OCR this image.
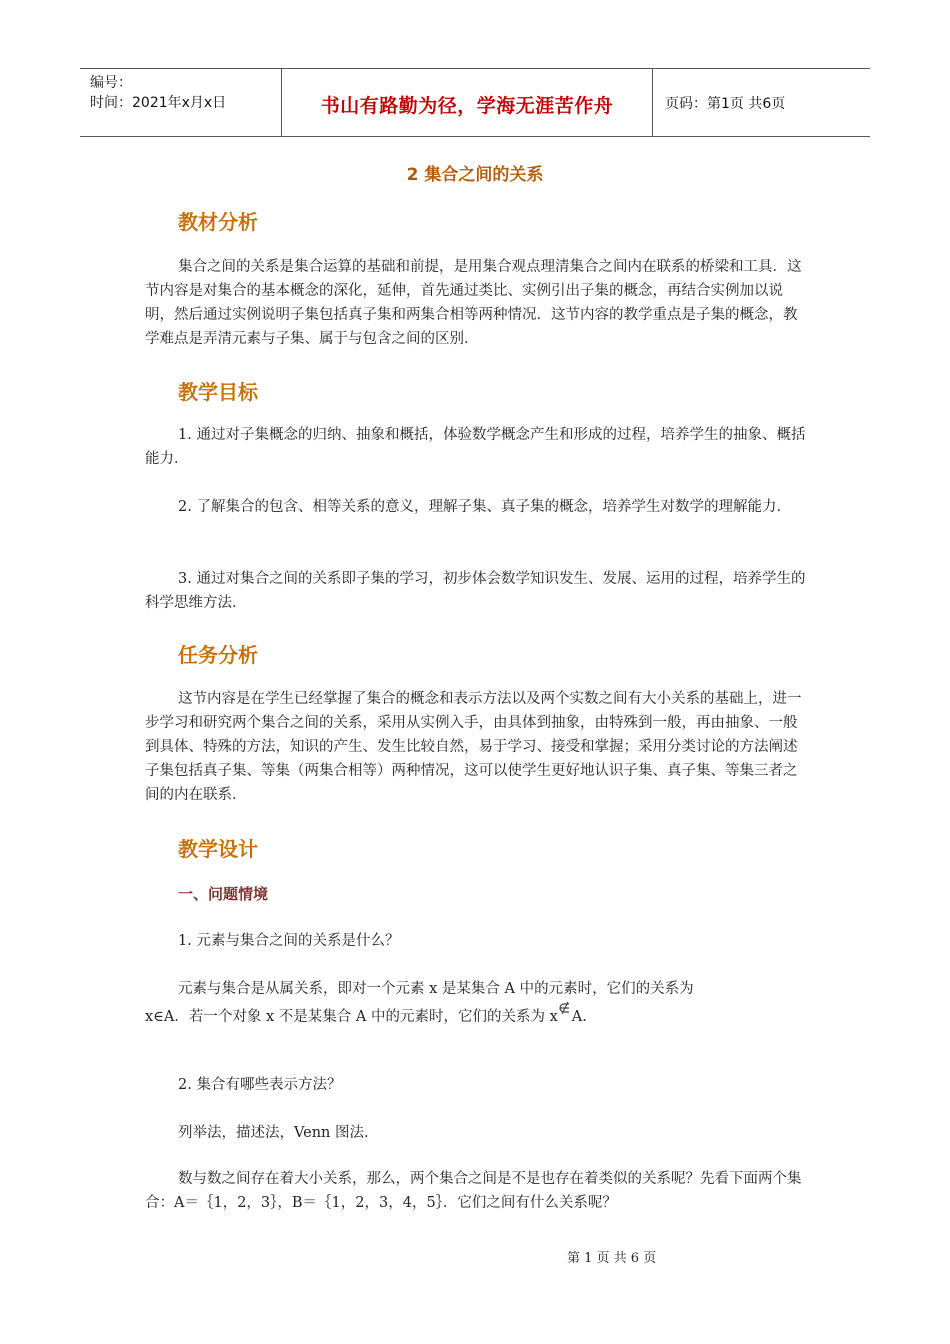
编号：
时间：2021年x月x日	书山有路勤为径，学海无涯苦作舟	页码：第1页 共6页
2 集合之间的关系
教材分析

集合之间的关系是集合运算的基础和前提，是用集合观点理清集合之间内在联系的桥梁和工具．这节内容是对集合的基本概念的深化，延伸，首先通过类比、实例引出子集的概念，再结合实例加以说明，然后通过实例说明子集包括真子集和两集合相等两种情况．这节内容的教学重点是子集的概念，教学难点是弄清元素与子集、属于与包含之间的区别．

教学目标

1. 通过对子集概念的归纳、抽象和概括，体验数学概念产生和形成的过程，培养学生的抽象、概括能力．

2. 了解集合的包含、相等关系的意义，理解子集、真子集的概念，培养学生对数学的理解能力．

3. 通过对集合之间的关系即子集的学习，初步体会数学知识发生、发展、运用的过程，培养学生的科学思维方法．

任务分析

这节内容是在学生已经掌握了集合的概念和表示方法以及两个实数之间有大小关系的基础上，进一步学习和研究两个集合之间的关系，采用从实例入手，由具体到抽象，由特殊到一般，再由抽象、一般到具体、特殊的方法，知识的产生、发生比较自然，易于学习、接受和掌握；采用分类讨论的方法阐述子集包括真子集、等集（两集合相等）两种情况，这可以使学生更好地认识子集、真子集、等集三者之间的内在联系．

教学设计
一、问题情境
1. 元素与集合之间的关系是什么？
元素与集合是从属关系，即对一个元素 x 是某集合 A 中的元素时，它们的关系为
x∈A．若一个对象 x 不是某集合 A 中的元素时，它们的关系为 x A.
2. 集合有哪些表示方法？
列举法，描述法，Venn 图法.

数与数之间存在着大小关系，那么，两个集合之间是不是也存在着类似的关系呢？先看下面两个集合：A＝｛1，2，3｝，B＝｛1，2，3，4，5｝．它们之间有什么关系呢？

第 1 页 共 6 页
